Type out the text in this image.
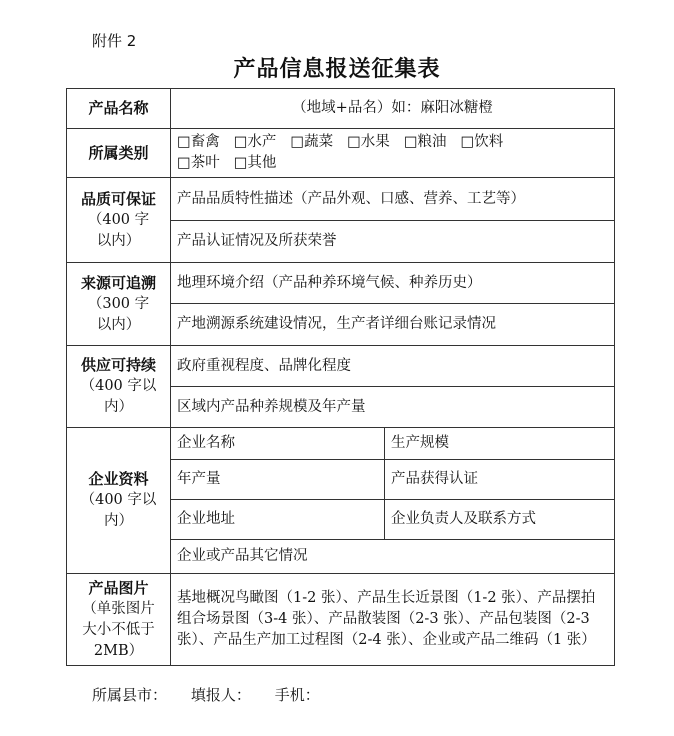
附件 2
产品信息报送征集表
产品名称	（地域+品名）如：麻阳冰糖橙	

所属类别	□畜禽 □水产 □蔬菜 □水果 □粮油 □饮料
□茶叶 □其他	

品质可保证
（400 字
以内）	产品品质特性描述（产品外观、口感、营养、工艺等）	
	产品认证情况及所获荣誉	

来源可追溯
（300 字
以内）	地理环境介绍（产品种养环境气候、种养历史）	
	产地溯源系统建设情况，生产者详细台账记录情况	

供应可持续
（400 字以
内）	政府重视程度、品牌化程度	
	区域内产品种养规模及年产量	

企业资料
（400 字以
内）	企业名称	生产规模
	年产量	产品获得认证
	企业地址	企业负责人及联系方式
	企业或产品其它情况	

产品图片
（单张图片
大小不低于
2MB）	基地概况鸟瞰图（1-2 张）、产品生长近景图（1-2 张）、产品摆拍组合场景图（3-4 张）、产品散装图（2-3 张）、产品包装图（2-3 张）、产品生产加工过程图（2-4 张）、企业或产品二维码（1 张）	
所属县市： 填报人： 手机：
